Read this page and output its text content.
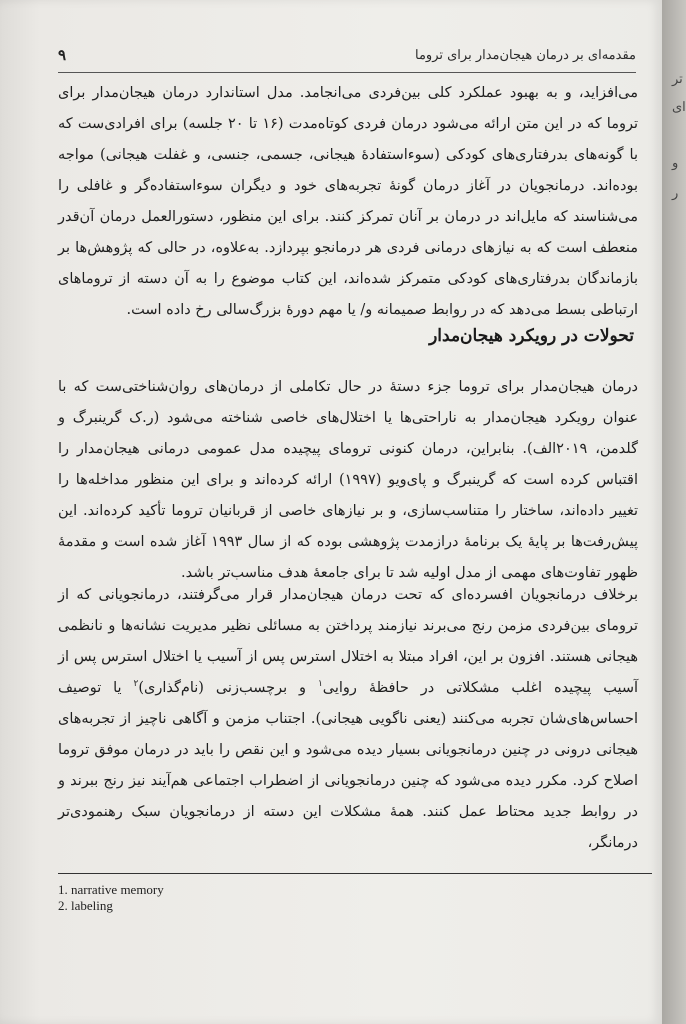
مقدمه‌ای بر درمان هیجان‌مدار برای تروما
۹

می‌افزاید، و به بهبود عملکرد کلی بین‌فردی می‌انجامد. مدل استاندارد درمان هیجان‌مدار برای تروما که در این متن ارائه می‌شود درمان فردی کوتاه‌مدت (۱۶ تا ۲۰ جلسه) برای افرادی‌ست که با گونه‌های بدرفتاری‌های کودکی (سوءاستفادهٔ هیجانی، جسمی، جنسی، و غفلت هیجانی) مواجه بوده‌اند. درمانجویان در آغاز درمان گونهٔ تجربه‌های خود و دیگران سوءاستفاده‌گر و غافلی را می‌شناسند که مایل‌اند در درمان بر آنان تمرکز کنند. برای این منظور، دستورالعمل درمان آن‌قدر منعطف است که به نیازهای درمانی فردی هر درمانجو بپردازد. به‌علاوه، در حالی که پژوهش‌ها بر بازماندگان بدرفتاری‌های کودکی متمرکز شده‌اند، این کتاب موضوع را به آن دسته از تروماهای ارتباطی بسط می‌دهد که در روابط صمیمانه و/ یا مهم دورهٔ بزرگ‌سالی رخ داده است.

تحولات در رویکرد هیجان‌مدار

درمان هیجان‌مدار برای تروما جزء دستهٔ در حال تکاملی از درمان‌های روان‌شناختی‌ست که با عنوان رویکرد هیجان‌مدار به ناراحتی‌ها یا اختلال‌های خاصی شناخته می‌شود (ر.ک گرینبرگ و گلدمن، ۲۰۱۹الف). بنابراین، درمان کنونی ترومای پیچیده مدل عمومی درمانی هیجان‌مدار را اقتباس کرده است که گرینبرگ و پای‌ویو (۱۹۹۷) ارائه کرده‌اند و برای این منظور مداخله‌ها را تغییر داده‌اند، ساختار را متناسب‌سازی، و بر نیازهای خاصی از قربانیان تروما تأکید کرده‌اند. این پیش‌رفت‌ها بر پایهٔ یک برنامهٔ درازمدت پژوهشی بوده که از سال ۱۹۹۳ آغاز شده است و مقدمهٔ ظهور تفاوت‌های مهمی از مدل اولیه شد تا برای جامعهٔ هدف مناسب‌تر باشد.

برخلاف درمانجویان افسرده‌ای که تحت درمان هیجان‌مدار قرار می‌گرفتند، درمانجویانی که از ترومای بین‌فردی مزمن رنج می‌برند نیازمند پرداختن به مسائلی نظیر مدیریت نشانه‌ها و نانظمی هیجانی هستند. افزون بر این، افراد مبتلا به اختلال استرس پس از آسیب یا اختلال استرس پس از آسیب پیچیده اغلب مشکلاتی در حافظهٔ روایی$^۱$ و برچسب‌زنی (نام‌گذاری)$^۲$ یا توصیف احساس‌های‌شان تجربه می‌کنند (یعنی ناگویی هیجانی). اجتناب مزمن و آگاهی ناچیز از تجربه‌های هیجانی درونی در چنین درمانجویانی بسیار دیده می‌شود و این نقص را باید در درمان موفق تروما اصلاح کرد. مکرر دیده می‌شود که چنین درمانجویانی از اضطراب اجتماعی هم‌آیند نیز رنج ببرند و در روابط جدید محتاط عمل کنند. همهٔ مشکلات این دسته از درمانجویان سبک رهنمودی‌تر درمانگر،

1. narrative memory
2. labeling
تر
ای
و
ر
